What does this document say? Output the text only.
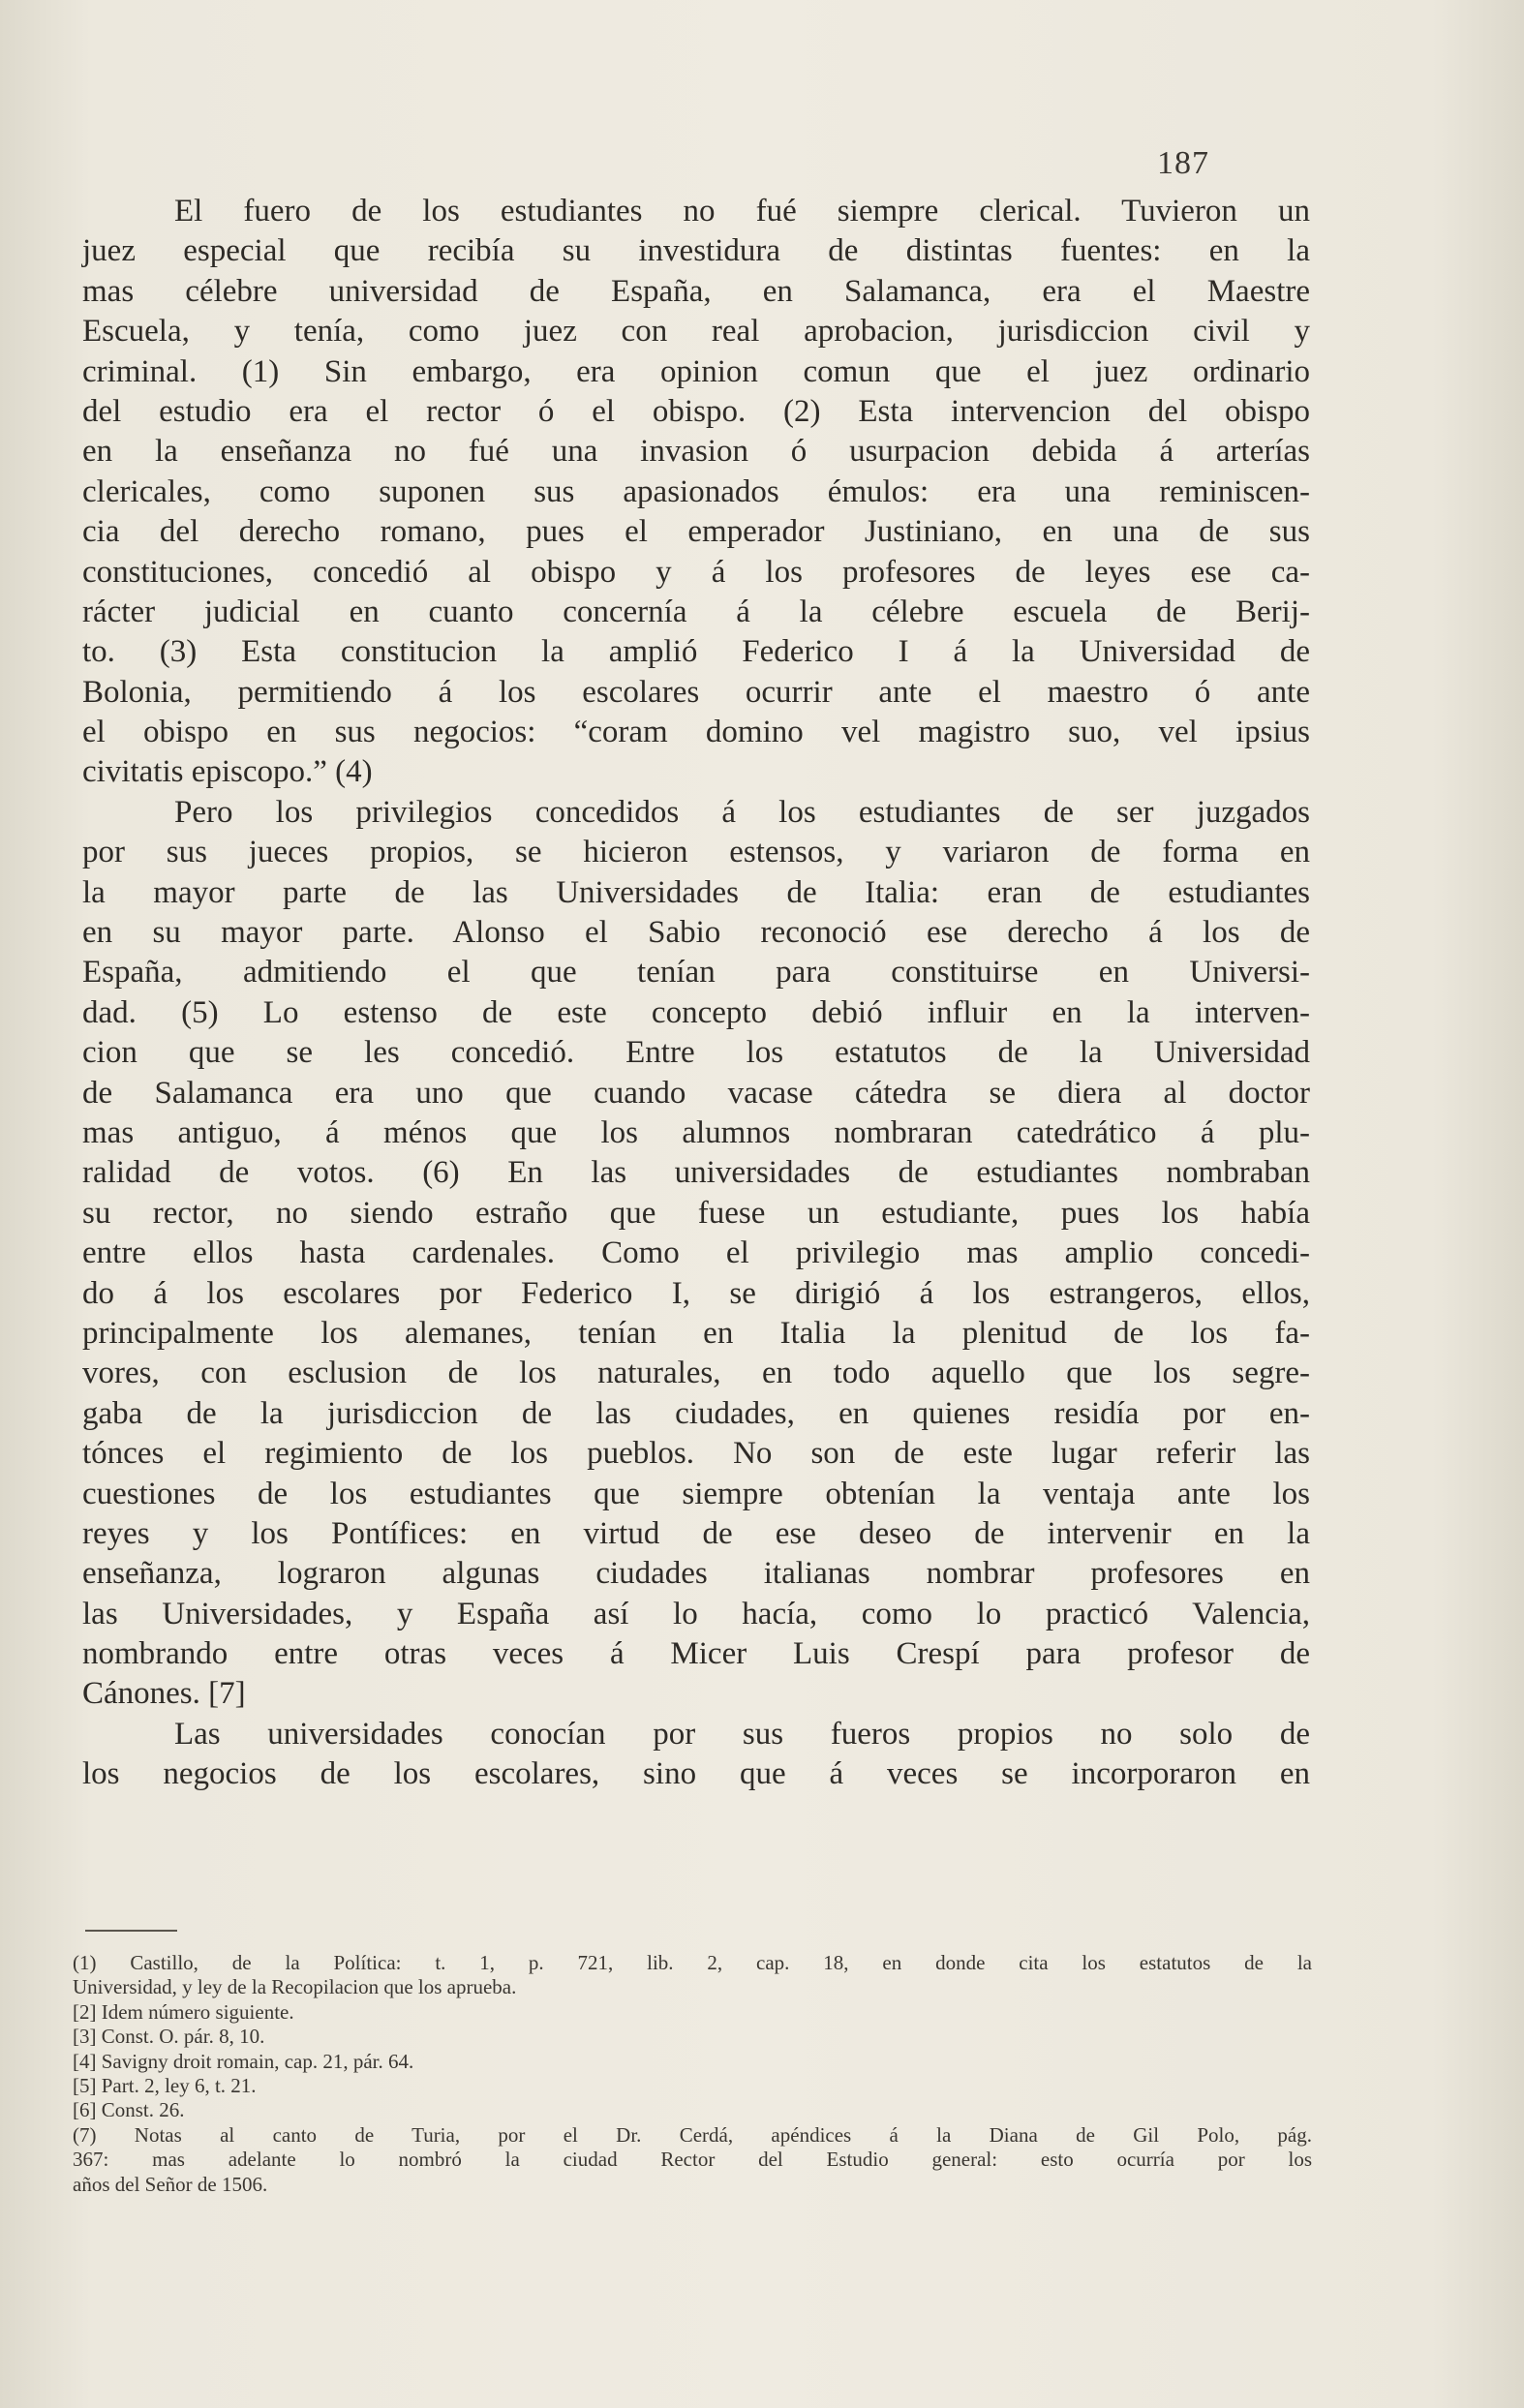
187
El fuero de los estudiantes no fué siempre clerical. Tuvieron un
juez especial que recibía su investidura de distintas fuentes: en la
mas célebre universidad de España, en Salamanca, era el Maestre
Escuela, y tenía, como juez con real aprobacion, jurisdiccion civil y
criminal. (1) Sin embargo, era opinion comun que el juez ordinario
del estudio era el rector ó el obispo. (2) Esta intervencion del obispo
en la enseñanza no fué una invasion ó usurpacion debida á arterías
clericales, como suponen sus apasionados émulos: era una reminiscen-
cia del derecho romano, pues el emperador Justiniano, en una de sus
constituciones, concedió al obispo y á los profesores de leyes ese ca-
rácter judicial en cuanto concernía á la célebre escuela de Berij-
to. (3) Esta constitucion la amplió Federico I á la Universidad de
Bolonia, permitiendo á los escolares ocurrir ante el maestro ó ante
el obispo en sus negocios: “coram domino vel magistro suo, vel ipsius
civitatis episcopo.” (4)
Pero los privilegios concedidos á los estudiantes de ser juzgados
por sus jueces propios, se hicieron estensos, y variaron de forma en
la mayor parte de las Universidades de Italia: eran de estudiantes
en su mayor parte. Alonso el Sabio reconoció ese derecho á los de
España, admitiendo el que tenían para constituirse en Universi-
dad. (5) Lo estenso de este concepto debió influir en la interven-
cion que se les concedió. Entre los estatutos de la Universidad
de Salamanca era uno que cuando vacase cátedra se diera al doctor
mas antiguo, á ménos que los alumnos nombraran catedrático á plu-
ralidad de votos. (6) En las universidades de estudiantes nombraban
su rector, no siendo estraño que fuese un estudiante, pues los había
entre ellos hasta cardenales. Como el privilegio mas amplio concedi-
do á los escolares por Federico I, se dirigió á los estrangeros, ellos,
principalmente los alemanes, tenían en Italia la plenitud de los fa-
vores, con esclusion de los naturales, en todo aquello que los segre-
gaba de la jurisdiccion de las ciudades, en quienes residía por en-
tónces el regimiento de los pueblos. No son de este lugar referir las
cuestiones de los estudiantes que siempre obtenían la ventaja ante los
reyes y los Pontífices: en virtud de ese deseo de intervenir en la
enseñanza, lograron algunas ciudades italianas nombrar profesores en
las Universidades, y España así lo hacía, como lo practicó Valencia,
nombrando entre otras veces á Micer Luis Crespí para profesor de
Cánones. [7]
Las universidades conocían por sus fueros propios no solo de
los negocios de los escolares, sino que á veces se incorporaron en
(1) Castillo, de la Política: t. 1, p. 721, lib. 2, cap. 18, en donde cita los estatutos de la
Universidad, y ley de la Recopilacion que los aprueba.
[2] Idem número siguiente.
[3] Const. O. pár. 8, 10.
[4] Savigny droit romain, cap. 21, pár. 64.
[5] Part. 2, ley 6, t. 21.
[6] Const. 26.
(7) Notas al canto de Turia, por el Dr. Cerdá, apéndices á la Diana de Gil Polo, pág.
367: mas adelante lo nombró la ciudad Rector del Estudio general: esto ocurría por los
años del Señor de 1506.
